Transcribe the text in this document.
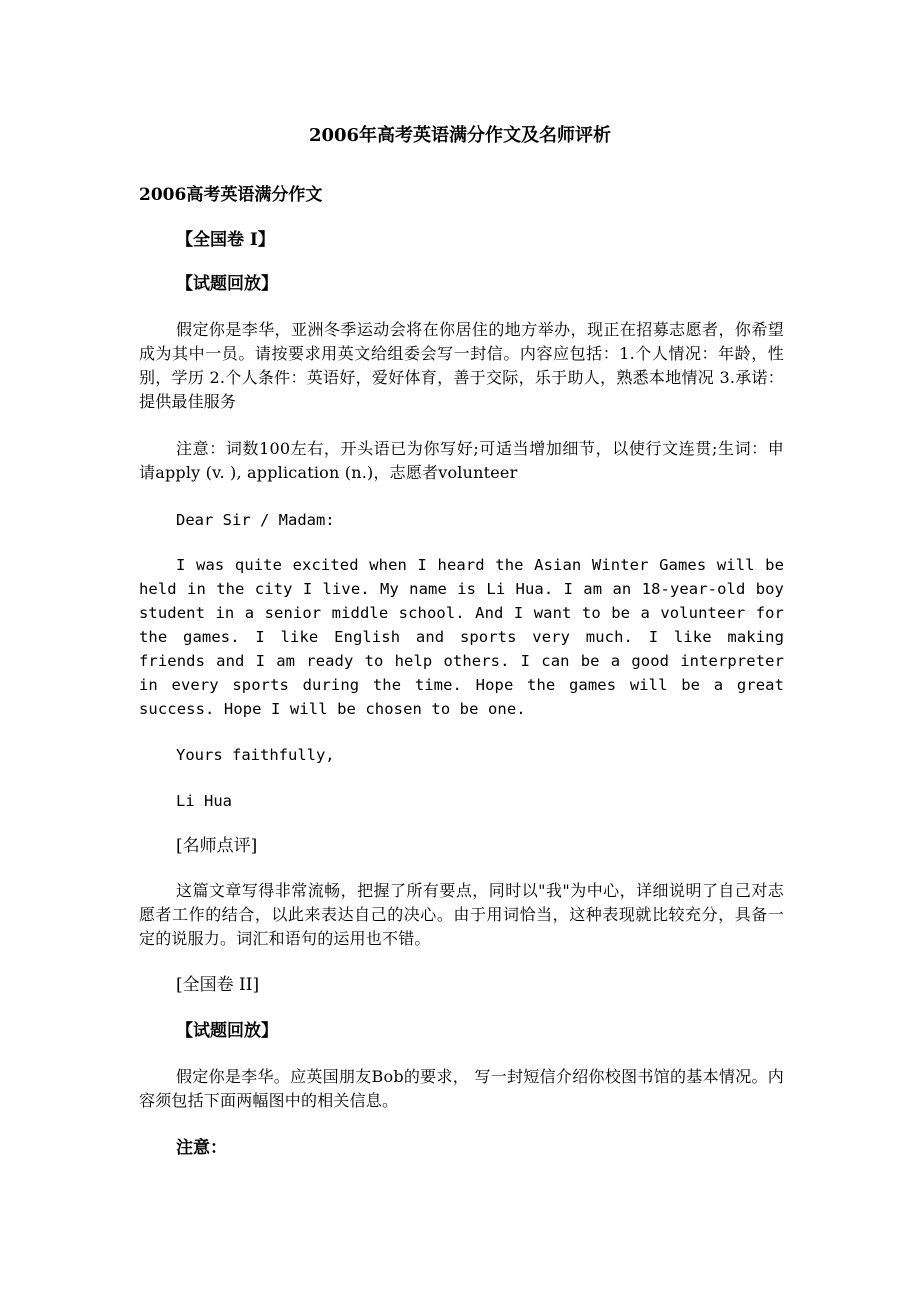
2006年高考英语满分作文及名师评析
2006高考英语满分作文
【全国卷 I】
【试题回放】
假定你是李华，亚洲冬季运动会将在你居住的地方举办，现正在招募志愿者，你希望成为其中一员。请按要求用英文给组委会写一封信。内容应包括：1.个人情况：年龄，性别，学历 2.个人条件：英语好，爱好体育，善于交际，乐于助人，熟悉本地情况 3.承诺：提供最佳服务
注意：词数100左右，开头语已为你写好;可适当增加细节，以使行文连贯;生词：申请apply (v. ), application (n.)，志愿者volunteer
Dear Sir / Madam:
I was quite excited when I heard the Asian Winter Games will be held in the city I live. My name is Li Hua. I am an 18-year-old boy student in a senior middle school. And I want to be a volunteer for the games. I like English and sports very much. I like making friends and I am ready to help others. I can be a good interpreter in every sports during the time. Hope the games will be a great success. Hope I will be chosen to be one.
Yours faithfully,
Li Hua
[名师点评]
这篇文章写得非常流畅，把握了所有要点，同时以"我"为中心，详细说明了自己对志愿者工作的结合，以此来表达自己的决心。由于用词恰当，这种表现就比较充分，具备一定的说服力。词汇和语句的运用也不错。
[全国卷 II]
【试题回放】
假定你是李华。应英国朋友Bob的要求， 写一封短信介绍你校图书馆的基本情况。内容须包括下面两幅图中的相关信息。
注意：
